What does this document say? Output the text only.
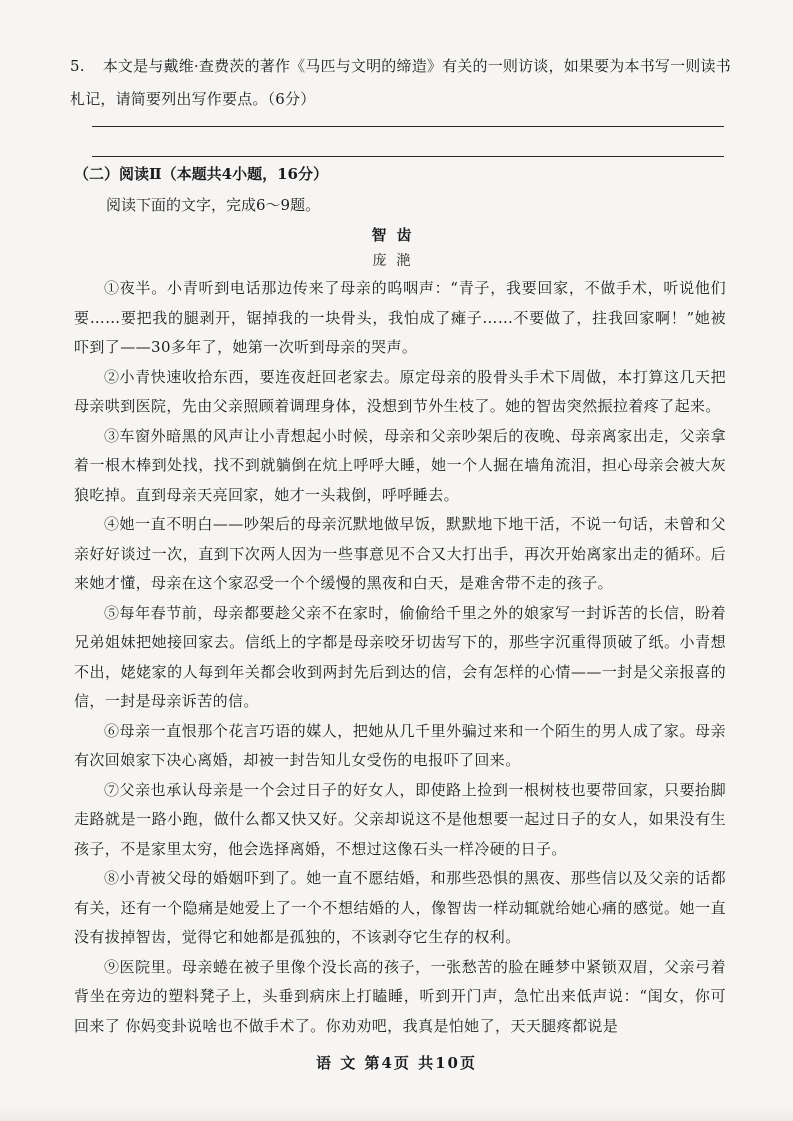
5. 本文是与戴维·查费茨的著作《马匹与文明的缔造》有关的一则访谈，如果要为本书写一则读书札记，请简要列出写作要点。（6分）
（二）阅读Ⅱ（本题共4小题，16分）
阅读下面的文字，完成6～9题。
智齿
庞滟

①夜半。小青听到电话那边传来了母亲的呜咽声：“青子，我要回家，不做手术，听说他们要……要把我的腿剥开，锯掉我的一块骨头，我怕成了瘫子……不要做了，拄我回家啊！”她被吓到了——30多年了，她第一次听到母亲的哭声。

②小青快速收拾东西，要连夜赶回老家去。原定母亲的股骨头手术下周做，本打算这几天把母亲哄到医院，先由父亲照顾着调理身体，没想到节外生枝了。她的智齿突然振拉着疼了起来。

③车窗外暗黑的风声让小青想起小时候，母亲和父亲吵架后的夜晚、母亲离家出走，父亲拿着一根木棒到处找，找不到就躺倒在炕上呼呼大睡，她一个人掘在墙角流泪，担心母亲会被大灰狼吃掉。直到母亲天亮回家，她才一头栽倒，呼呼睡去。

④她一直不明白——吵架后的母亲沉默地做早饭，默默地下地干活，不说一句话，未曾和父亲好好谈过一次，直到下次两人因为一些事意见不合又大打出手，再次开始离家出走的循环。后来她才懂，母亲在这个家忍受一个个缓慢的黑夜和白天，是难舍带不走的孩子。

⑤每年春节前，母亲都要趁父亲不在家时，偷偷给千里之外的娘家写一封诉苦的长信，盼着兄弟姐妹把她接回家去。信纸上的字都是母亲咬牙切齿写下的，那些字沉重得顶破了纸。小青想不出，姥姥家的人每到年关都会收到两封先后到达的信，会有怎样的心情——一封是父亲报喜的信，一封是母亲诉苦的信。

⑥母亲一直恨那个花言巧语的媒人，把她从几千里外骗过来和一个陌生的男人成了家。母亲有次回娘家下决心离婚，却被一封告知儿女受伤的电报吓了回来。

⑦父亲也承认母亲是一个会过日子的好女人，即使路上捡到一根树枝也要带回家，只要抬脚走路就是一路小跑，做什么都又快又好。父亲却说这不是他想要一起过日子的女人，如果没有生孩子，不是家里太穷，他会选择离婚，不想过这像石头一样冷硬的日子。

⑧小青被父母的婚姻吓到了。她一直不愿结婚，和那些恐惧的黑夜、那些信以及父亲的话都有关，还有一个隐痛是她爱上了一个不想结婚的人，像智齿一样动辄就给她心痛的感觉。她一直没有拔掉智齿，觉得它和她都是孤独的，不该剥夺它生存的权利。

⑨医院里。母亲蜷在被子里像个没长高的孩子，一张愁苦的脸在睡梦中紧锁双眉，父亲弓着背坐在旁边的塑料凳子上，头垂到病床上打瞌睡，听到开门声，急忙出来低声说：“闺女，你可回来了 你妈变卦说啥也不做手术了。你劝劝吧，我真是怕她了，天天腿疼都说是

语 文 第4页 共10页
